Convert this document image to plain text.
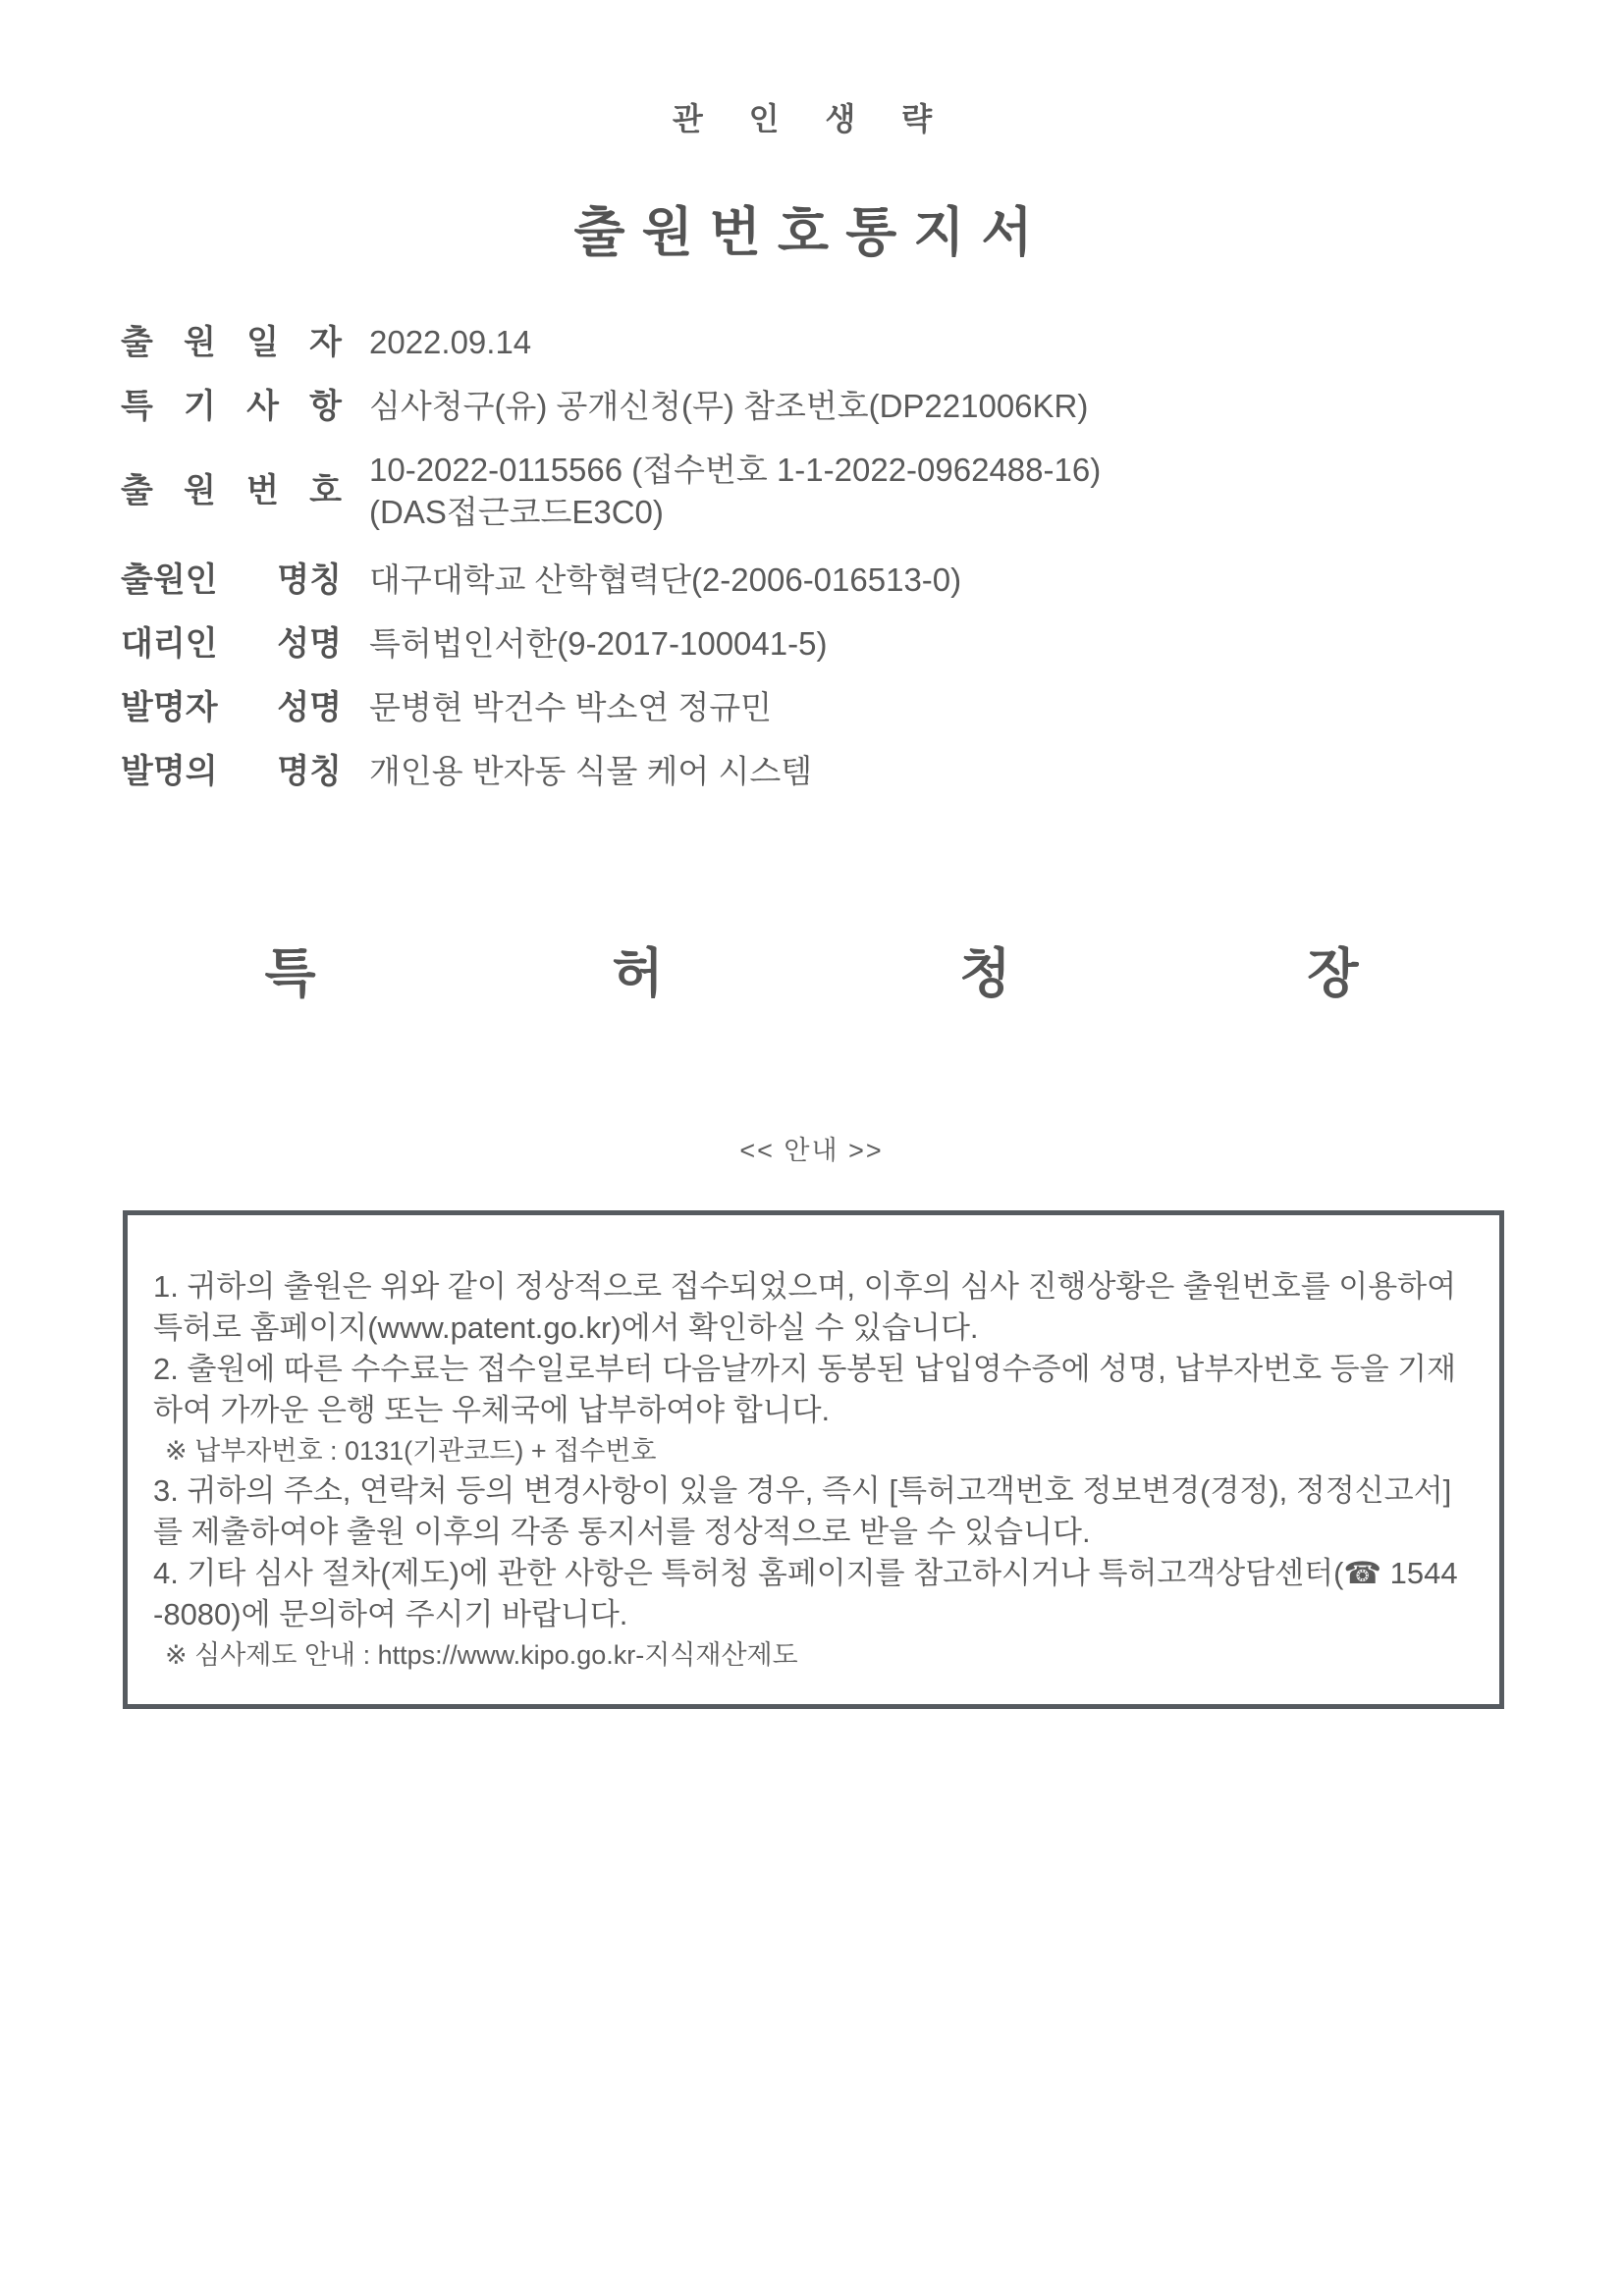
관 인 생 략
출원번호통지서
출 원 일 자 2022.09.14
특 기 사 항 심사청구(유) 공개신청(무) 참조번호(DP221006KR)
출 원 번 호
10-2022-0115566 (접수번호 1-1-2022-0962488-16)
(DAS접근코드E3C0)
출원인 명칭 대구대학교 산학협력단(2-2006-016513-0)
대리인 성명 특허법인서한(9-2017-100041-5)
발명자 성명 문병현 박건수 박소연 정규민
발명의 명칭 개인용 반자동 식물 케어 시스템
특 허 청 장
<< 안내 >>

1. 귀하의 출원은 위와 같이 정상적으로 접수되었으며, 이후의 심사 진행상황은 출원번호를 이용하여 특허로 홈페이지(www.patent.go.kr)에서 확인하실 수 있습니다.

2. 출원에 따른 수수료는 접수일로부터 다음날까지 동봉된 납입영수증에 성명, 납부자번호 등을 기재하여 가까운 은행 또는 우체국에 납부하여야 합니다.

※ 납부자번호 : 0131(기관코드) + 접수번호

3. 귀하의 주소, 연락처 등의 변경사항이 있을 경우, 즉시 [특허고객번호 정보변경(경정), 정정신고서]를 제출하여야 출원 이후의 각종 통지서를 정상적으로 받을 수 있습니다.

4. 기타 심사 절차(제도)에 관한 사항은 특허청 홈페이지를 참고하시거나 특허고객상담센터(☎ 1544-8080)에 문의하여 주시기 바랍니다.

※ 심사제도 안내 : https://www.kipo.go.kr-지식재산제도
